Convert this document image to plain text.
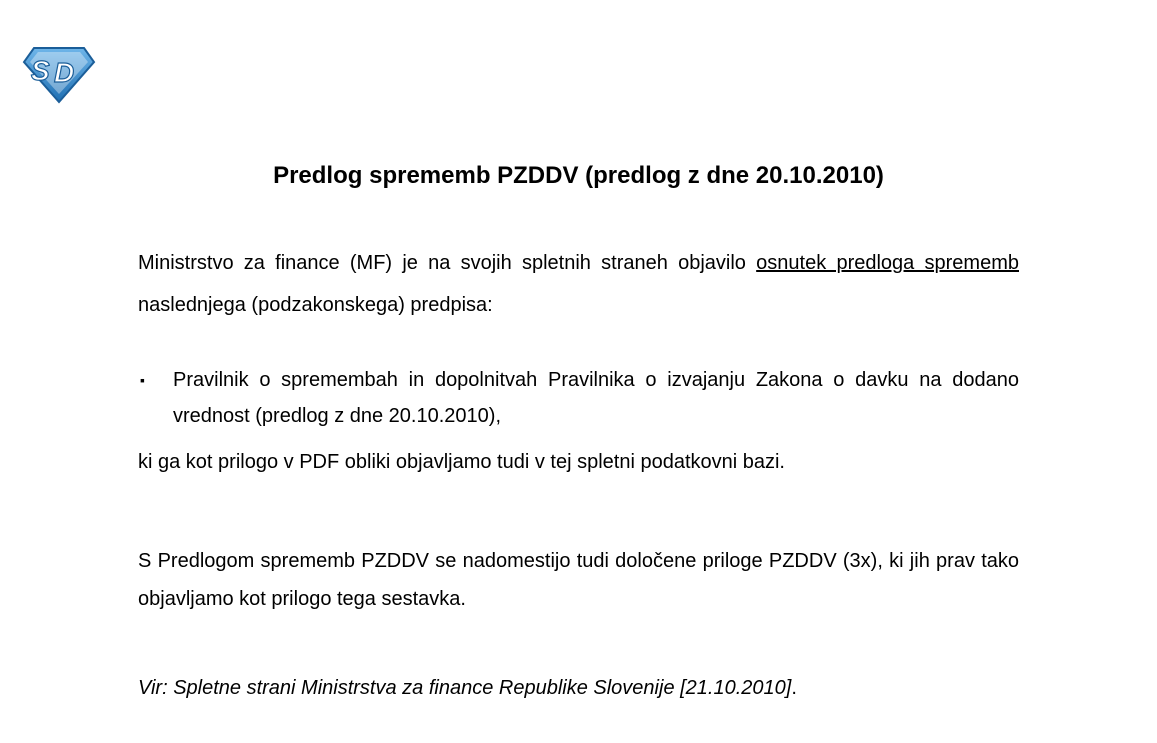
S D
Predlog sprememb PZDDV (predlog z dne 20.10.2010)

Ministrstvo za finance (MF) je na svojih spletnih straneh objavilo osnutek predloga sprememb naslednjega (podzakonskega) predpisa:

▪ Pravilnik o spremembah in dopolnitvah Pravilnika o izvajanju Zakona o davku na dodano vrednost (predlog z dne 20.10.2010),

ki ga kot prilogo v PDF obliki objavljamo tudi v tej spletni podatkovni bazi.

S Predlogom sprememb PZDDV se nadomestijo tudi določene priloge PZDDV (3x), ki jih prav tako objavljamo kot prilogo tega sestavka.

Vir: Spletne strani Ministrstva za finance Republike Slovenije [21.10.2010].
